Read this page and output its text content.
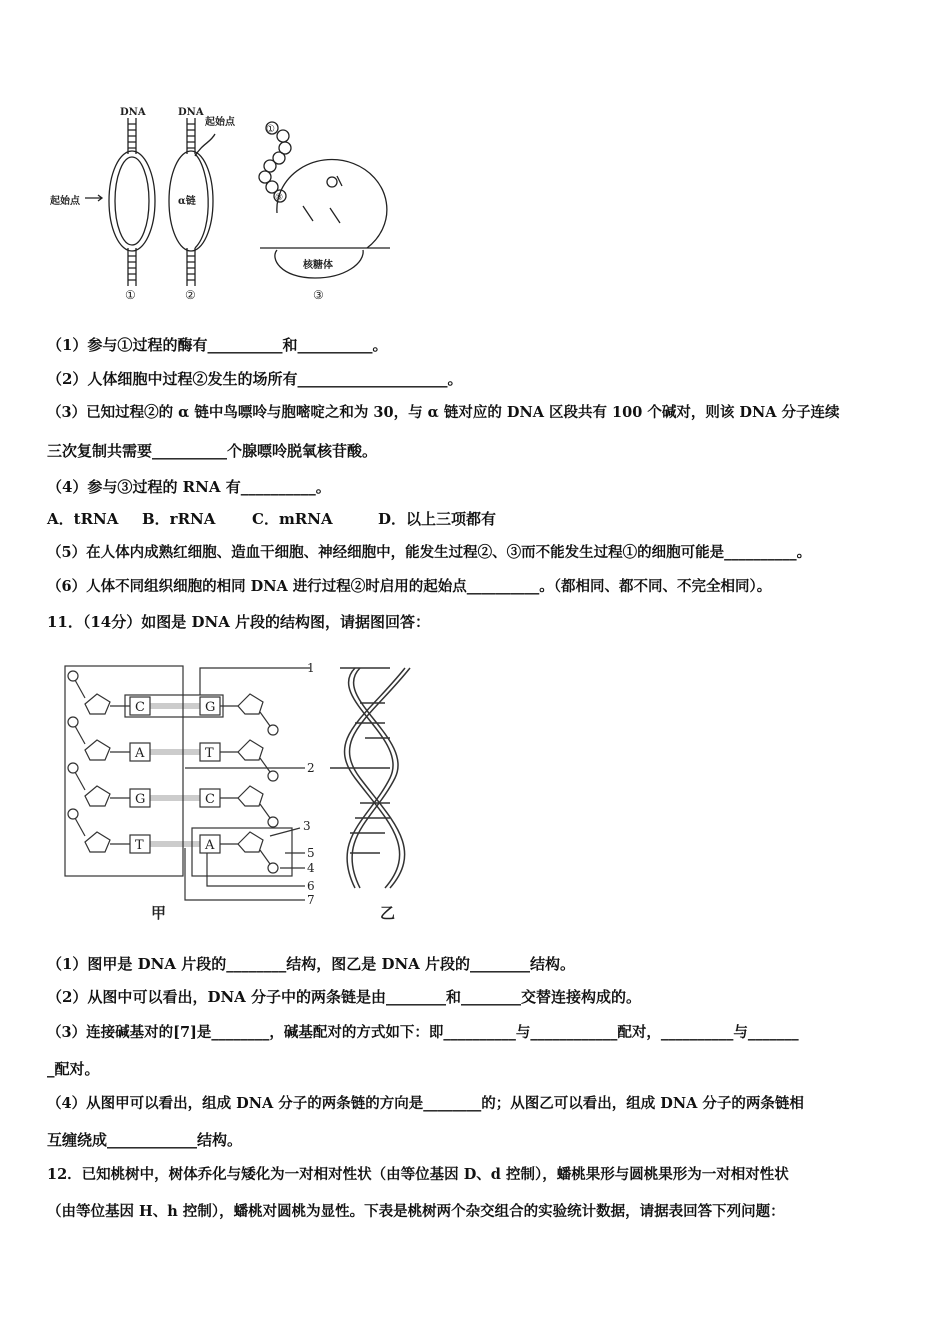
DNA
起始点
①
DNA
起始点
α链
②
①
⑧
核糖体
③
（1）参与①过程的酶有__________和__________。
（2）人体细胞中过程②发生的场所有____________________。
（3）已知过程②的 α 链中鸟嘌呤与胞嘧啶之和为 30，与 α 链对应的 DNA 区段共有 100 个碱对，则该 DNA 分子连续
三次复制共需要__________个腺嘌呤脱氧核苷酸。
（4）参与③过程的 RNA 有__________。
A．tRNA B．rRNA C．mRNA	D．以上三项都有
（5）在人体内成熟红细胞、造血干细胞、神经细胞中，能发生过程②、③而不能发生过程①的细胞可能是__________。
（6）人体不同组织细胞的相同 DNA 进行过程②时启用的起始点__________。（都相同、都不同、不完全相同）。
11．（14分）如图是 DNA 片段的结构图，请据图回答：
C	G
A	T
G	C
T	A
甲	乙
1
2
3
5
4
6
7
（1）图甲是 DNA 片段的________结构，图乙是 DNA 片段的________结构。
（2）从图中可以看出，DNA 分子中的两条链是由________和________交替连接构成的。
（3）连接碱基对的[7]是________，碱基配对的方式如下：即__________与____________配对，__________与_______
_配对。
（4）从图甲可以看出，组成 DNA 分子的两条链的方向是________的；从图乙可以看出，组成 DNA 分子的两条链相
互缠绕成____________结构。
12．已知桃树中，树体乔化与矮化为一对相对性状（由等位基因 D、d 控制），蟠桃果形与圆桃果形为一对相对性状
（由等位基因 H、h 控制），蟠桃对圆桃为显性。下表是桃树两个杂交组合的实验统计数据，请据表回答下列问题：
